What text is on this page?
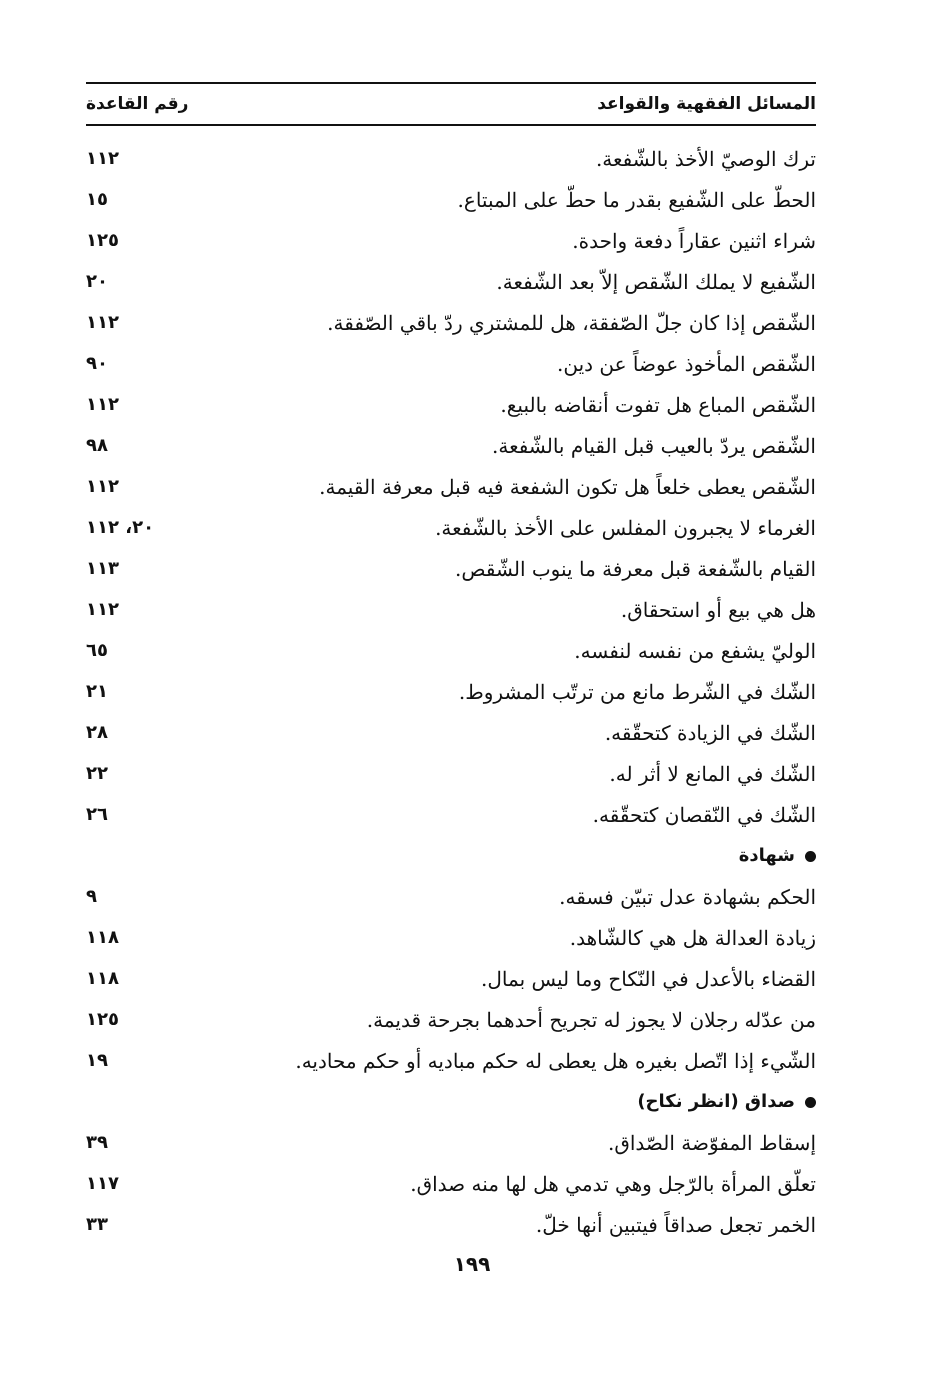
المسائل الفقهية والقواعد
رقم القاعدة
ترك الوصيّ الأخذ بالشّفعة.
١١٢
الحطّ على الشّفيع بقدر ما حطّ على المبتاع.
١٥
شراء اثنين عقاراً دفعة واحدة.
١٢٥
الشّفيع لا يملك الشّقص إلاّ بعد الشّفعة.
٢٠
الشّقص إذا كان جلّ الصّفقة، هل للمشتري ردّ باقي الصّفقة.
١١٢
الشّقص المأخوذ عوضاً عن دين.
٩٠
الشّقص المباع هل تفوت أنقاضه بالبيع.
١١٢
الشّقص يردّ بالعيب قبل القيام بالشّفعة.
٩٨
الشّقص يعطى خلعاً هل تكون الشفعة فيه قبل معرفة القيمة.
١١٢
الغرماء لا يجبرون المفلس على الأخذ بالشّفعة.
٢٠، ١١٢
القيام بالشّفعة قبل معرفة ما ينوب الشّقص.
١١٣
هل هي بيع أو استحقاق.
١١٢
الوليّ يشفع من نفسه لنفسه.
٦٥
الشّك في الشّرط مانع من ترتّب المشروط.
٢١
الشّك في الزيادة كتحقّقه.
٢٨
الشّك في المانع لا أثر له.
٢٢
الشّك في النّقصان كتحقّقه.
٢٦
شهادة
الحكم بشهادة عدل تبيّن فسقه.
٩
زيادة العدالة هل هي كالشّاهد.
١١٨
القضاء بالأعدل في النّكاح وما ليس بمال.
١١٨
من عدّله رجلان لا يجوز له تجريح أحدهما بجرحة قديمة.
١٢٥
الشّيء إذا اتّصل بغيره هل يعطى له حكم مباديه أو حكم محاديه.
١٩
صداق (انظر نكاح)
إسقاط المفوّضة الصّداق.
٣٩
تعلّق المرأة بالرّجل وهي تدمي هل لها منه صداق.
١١٧
الخمر تجعل صداقاً فيتبين أنها خلّ.
٣٣
١٩٩
